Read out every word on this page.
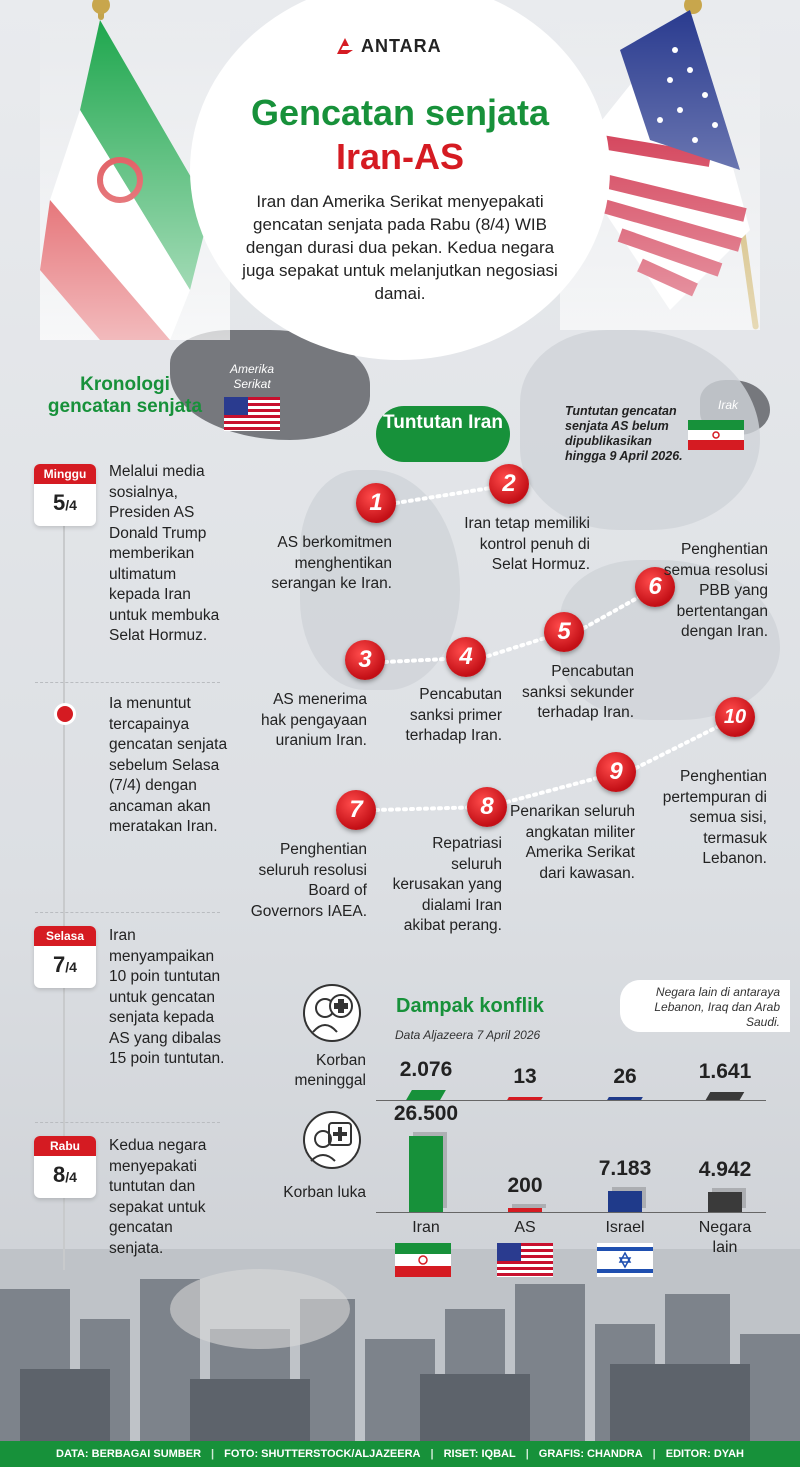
ANTARA
Gencatan senjata
Iran-AS
Iran dan Amerika Serikat menyepakati gencatan senjata pada Rabu (8/4) WIB dengan durasi dua pekan. Kedua negara juga sepakat untuk melanjutkan negosiasi damai.
Amerika Serikat
Irak
Kronologi gencatan senjata
Minggu
5/4
Melalui media sosialnya, Presiden AS Donald Trump memberikan ultimatum kepada Iran untuk membuka Selat Hormuz.
Ia menuntut tercapainya gencatan senjata sebelum Selasa (7/4) dengan ancaman akan meratakan Iran.
Selasa
7/4
Iran menyampaikan 10 poin tuntutan untuk gencatan senjata kepada AS yang dibalas 15 poin tuntutan.
Rabu
8/4
Kedua negara menyepakati tuntutan dan sepakat untuk gencatan senjata.
Tuntutan Iran
Tuntutan gencatan senjata AS belum dipublikasikan hingga 9 April 2026.
1
AS berkomitmen menghentikan serangan ke Iran.
2
Iran tetap memiliki kontrol penuh di Selat Hormuz.
3
AS menerima hak pengayaan uranium Iran.
4
Pencabutan sanksi primer terhadap Iran.
5
Pencabutan sanksi sekunder terhadap Iran.
6
Penghentian semua resolusi PBB yang bertentangan dengan Iran.
7
Penghentian seluruh resolusi Board of Governors IAEA.
8
Repatriasi seluruh kerusakan yang dialami Iran akibat perang.
9
Penarikan seluruh angkatan militer Amerika Serikat dari kawasan.
10
Penghentian pertempuran di semua sisi, termasuk Lebanon.
Dampak konflik
Data Aljazeera 7 April 2026
Negara lain di antaraya Lebanon, Iraq dan Arab Saudi.
Korban meninggal
Korban luka
2.076
26.500
Iran
13
200
AS
26
7.183
Israel
1.641
4.942
Negara lain
DATA: BERBAGAI SUMBER | FOTO: SHUTTERSTOCK/ALJAZEERA | RISET: IQBAL | GRAFIS: CHANDRA | EDITOR: DYAH
